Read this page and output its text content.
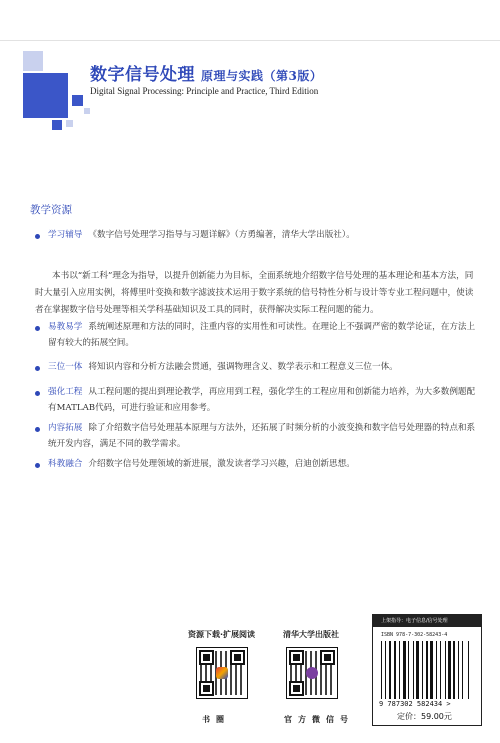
数字信号处理 原理与实践（第3版）
Digital Signal Processing: Principle and Practice, Third Edition
教学资源
学习辅导 《数字信号处理学习指导与习题详解》（方勇编著，清华大学出版社）。
本书以“新工科”理念为指导，以提升创新能力为目标，全面系统地介绍数字信号处理的基本理论和基本方法，同时大量引入应用实例，将傅里叶变换和数字滤波技术运用于数字系统的信号特性分析与设计等专业工程问题中，使读者在掌握数字信号处理等相关学科基础知识及工具的同时，获得解决实际工程问题的能力。
易教易学 系统阐述原理和方法的同时，注重内容的实用性和可读性。在理论上不强调严密的数学论证，在方法上留有较大的拓展空间。
三位一体 将知识内容和分析方法融会贯通，强调物理含义、数学表示和工程意义三位一体。
强化工程 从工程问题的提出到理论教学，再应用到工程，强化学生的工程应用和创新能力培养，为大多数例题配有MATLAB代码，可进行验证和应用参考。
内容拓展 除了介绍数字信号处理基本原理与方法外，还拓展了时频分析的小波变换和数字信号处理器的特点和系统开发内容，满足不同的教学需求。
科教融合 介绍数字信号处理领域的新进展，激发读者学习兴趣，启迪创新思想。
资源下载·扩展阅读	清华大学出版社
书圈	官方微信号
上架指导：电子信息/信号处理
ISBN 978-7-302-58243-4
9 787302 582434 >
定价：59.00元
